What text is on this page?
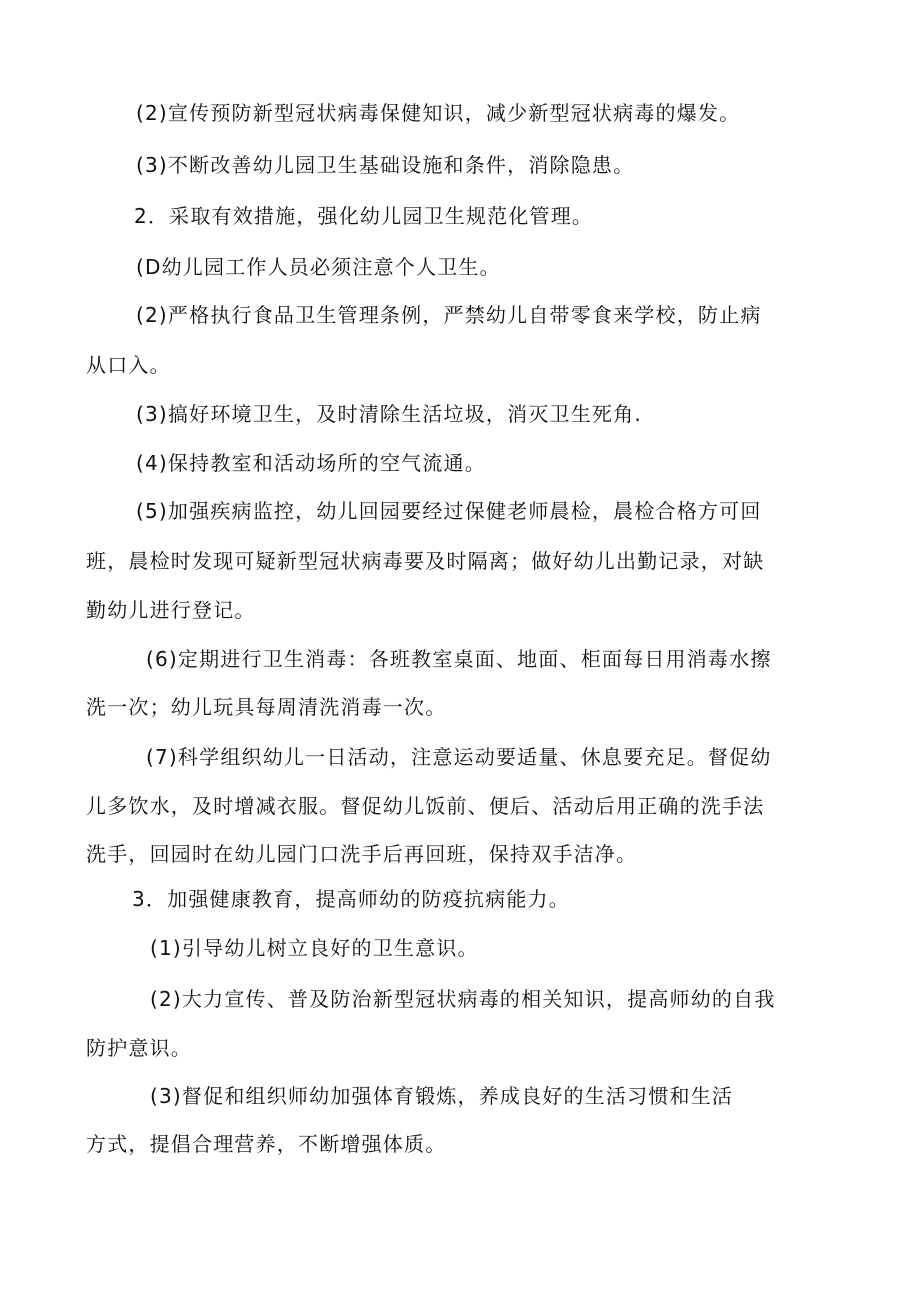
(2)宣传预防新型冠状病毒保健知识，减少新型冠状病毒的爆发。
(3)不断改善幼儿园卫生基础设施和条件，消除隐患。
2．采取有效措施，强化幼儿园卫生规范化管理。
(D幼儿园工作人员必须注意个人卫生。
(2)严格执行食品卫生管理条例，严禁幼儿自带零食来学校，防止病
从口入。
(3)搞好环境卫生，及时清除生活垃圾，消灭卫生死角.
(4)保持教室和活动场所的空气流通。
(5)加强疾病监控，幼儿回园要经过保健老师晨检，晨检合格方可回
班，晨检时发现可疑新型冠状病毒要及时隔离；做好幼儿出勤记录，对缺
勤幼儿进行登记。
(6)定期进行卫生消毒：各班教室桌面、地面、柜面每日用消毒水擦
洗一次；幼儿玩具每周清洗消毒一次。
(7)科学组织幼儿一日活动，注意运动要适量、休息要充足。督促幼
儿多饮水，及时增减衣服。督促幼儿饭前、便后、活动后用正确的洗手法
洗手，回园时在幼儿园门口洗手后再回班，保持双手洁净。
3．加强健康教育，提高师幼的防疫抗病能力。
(1)引导幼儿树立良好的卫生意识。
(2)大力宣传、普及防治新型冠状病毒的相关知识，提高师幼的自我
防护意识。
(3)督促和组织师幼加强体育锻炼，养成良好的生活习惯和生活
方式，提倡合理营养，不断增强体质。
